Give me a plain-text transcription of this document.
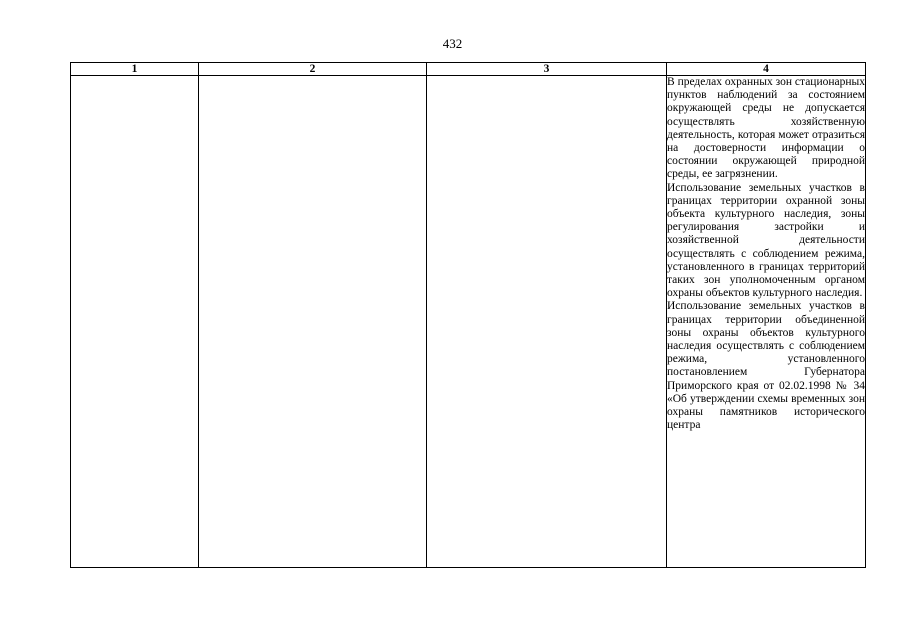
432
1	2	3	4

			В пределах охранных зон стационарных пунктов наблюдений за состоянием окружающей среды не допускается осуществлять хозяйственную деятельность, которая может отразиться на достоверности информации о состоянии окружающей природной среды, ее загрязнении.
Использование земельных участков в границах территории охранной зоны объекта культурного наследия, зоны регулирования застройки и хозяйственной деятельности осуществлять с соблюдением режима, установленного в границах территорий таких зон уполномоченным органом охраны объектов культурного наследия.
Использование земельных участков в границах территории объединенной зоны охраны объектов культурного наследия осуществлять с соблюдением режима, установленного постановлением Губернатора Приморского края от 02.02.1998 № 34 «Об утверждении схемы временных зон охраны памятников исторического центра
